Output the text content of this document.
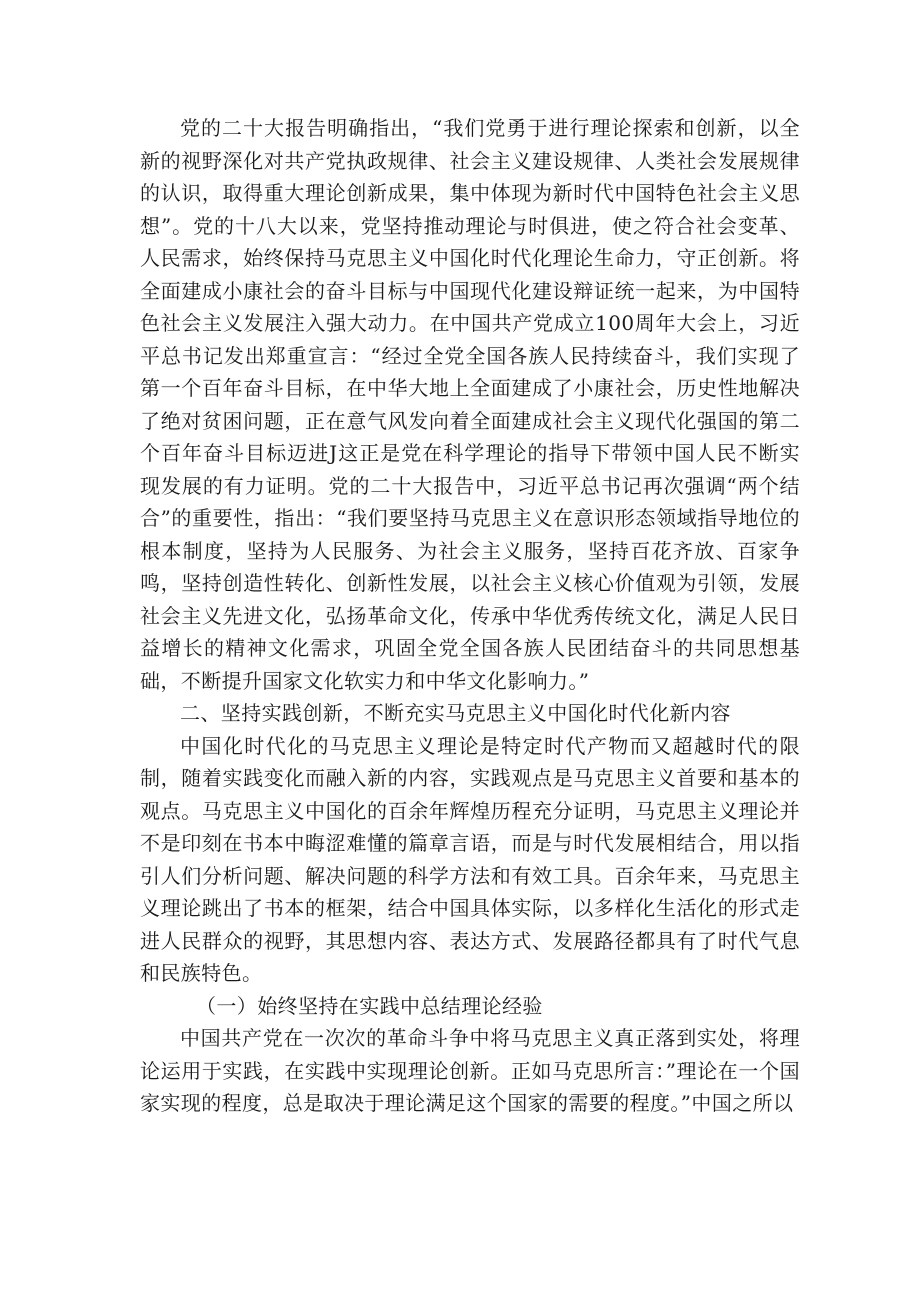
党的二十大报告明确指出，“我们党勇于进行理论探索和创新，以全新的视野深化对共产党执政规律、社会主义建设规律、人类社会发展规律的认识，取得重大理论创新成果，集中体现为新时代中国特色社会主义思想”。党的十八大以来，党坚持推动理论与时俱进，使之符合社会变革、人民需求，始终保持马克思主义中国化时代化理论生命力，守正创新。将全面建成小康社会的奋斗目标与中国现代化建设辩证统一起来，为中国特色社会主义发展注入强大动力。在中国共产党成立100周年大会上，习近平总书记发出郑重宣言：“经过全党全国各族人民持续奋斗，我们实现了第一个百年奋斗目标，在中华大地上全面建成了小康社会，历史性地解决了绝对贫困问题，正在意气风发向着全面建成社会主义现代化强国的第二个百年奋斗目标迈进J这正是党在科学理论的指导下带领中国人民不断实现发展的有力证明。党的二十大报告中，习近平总书记再次强调“两个结合”的重要性，指出：“我们要坚持马克思主义在意识形态领域指导地位的根本制度，坚持为人民服务、为社会主义服务，坚持百花齐放、百家争鸣，坚持创造性转化、创新性发展，以社会主义核心价值观为引领，发展社会主义先进文化，弘扬革命文化，传承中华优秀传统文化，满足人民日益增长的精神文化需求，巩固全党全国各族人民团结奋斗的共同思想基础，不断提升国家文化软实力和中华文化影响力。”

二、坚持实践创新，不断充实马克思主义中国化时代化新内容

中国化时代化的马克思主义理论是特定时代产物而又超越时代的限制，随着实践变化而融入新的内容，实践观点是马克思主义首要和基本的观点。马克思主义中国化的百余年辉煌历程充分证明，马克思主义理论并不是印刻在书本中晦涩难懂的篇章言语，而是与时代发展相结合，用以指引人们分析问题、解决问题的科学方法和有效工具。百余年来，马克思主义理论跳出了书本的框架，结合中国具体实际，以多样化生活化的形式走进人民群众的视野，其思想内容、表达方式、发展路径都具有了时代气息和民族特色。

（一）始终坚持在实践中总结理论经验

中国共产党在一次次的革命斗争中将马克思主义真正落到实处，将理论运用于实践，在实践中实现理论创新。正如马克思所言：”理论在一个国家实现的程度，总是取决于理论满足这个国家的需要的程度。”中国之所以
